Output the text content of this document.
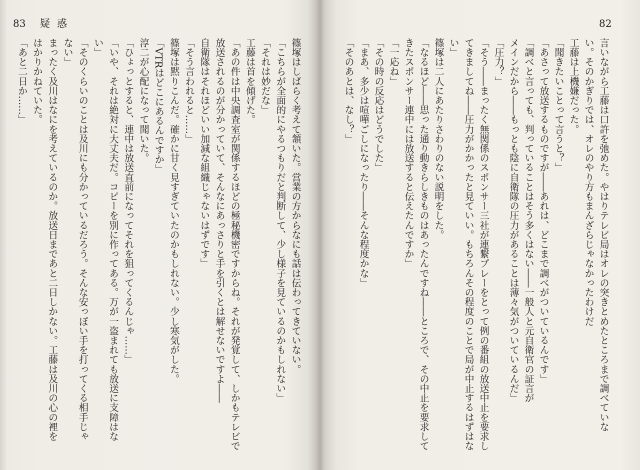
83 疑惑
篠塚はしばらく考えて頷いた。営業の方からなにも話は伝わってきていない。
「こちらが全面的にやるつもりだと判断して、少し様子を見ているのかもしれない」
「それは妙だな」
工藤は首を傾げた。
「あの件は中央調査室が関係するほどの極秘機密ですからね。それが発覚して、しかもテレビで
放送されるのが分かっていて、そんなにあっさりと手を引くとは解せないですよ――
自衛隊はそれほどいい加減な組織じゃないはずです」
「そう言われると……」
篠塚は黙りこんだ。確かに甘く見すぎていたのかもしれない。少し寒気がした。
「VTRはどこにあるんですか」
淳二が心配になって聞いた。
「ひょっとすると、連中は放送直前になってそれを狙ってくるんじゃ……」
「いや、それは絶対に大丈夫だ。コピーを別に作ってある。万が一盗まれても放送に支障はな
い」
「そのくらいのことは及川にも分かっているだろう。そんな安っぽい手を打ってくる相手じゃ
ない」
まったく及川はなにを考えているのか。放送日まであと二日しかない。工藤は及川の心の裡を
はかりかねていた。
「あと二日か……」
82
言いながら工藤は口許を弛めた。やはりテレビ局はオレの突きとめたところまで調べていな
い。そのかぎりでは、オレのやり方もまんざらじゃなかったわけだ
工藤は上機嫌だった。
「聞きたいことって言うと？」
「あさって放送するものですが――あれは、どこまで調べがついているんです」
「調べと言っても、判っていることはそう多くはない――一般人と元自衛官の証言が
メインだから――もっとも陰に自衛隊の圧力があることは薄々気がついているんだ」
「圧力？」
「そう――まったく無関係のスポンサー三社が連繋プレーをとって例の番組の放送中止を要求し
てきましてね――圧力がかかったと見ていい。もちろんその程度のことで局が中止するはずはな
い」
篠塚は二人にあたりさわりのない説明をした。
「なるほど――思った通り動きらしきものはあったんですね――ところで、その中止を要求して
きたスポンサー連中には放送すると伝えたんですか」
「一応ね」
「その時の反応はどうでした」
「まあ、多少は喧嘩ごしになったり――そんな程度かな」
「そのあとは、なし？」
